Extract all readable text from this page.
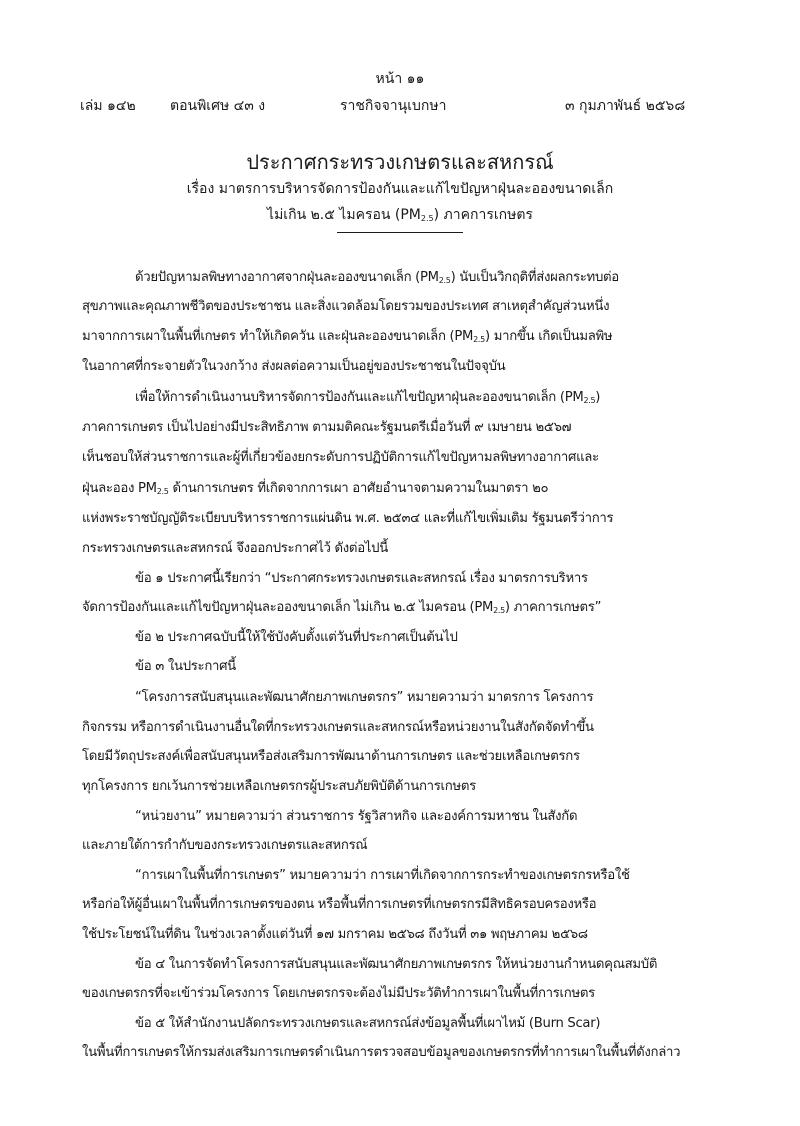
หน้า ๑๑
เล่ม ๑๔๒ ตอนพิเศษ ๔๓ ง	ราชกิจจานุเบกษา	๓ กุมภาพันธ์ ๒๕๖๘
ประกาศกระทรวงเกษตรและสหกรณ์
เรื่อง มาตรการบริหารจัดการป้องกันและแก้ไขปัญหาฝุ่นละอองขนาดเล็ก
ไม่เกิน ๒.๕ ไมครอน $(PM_{2.5})$ ภาคการเกษตร
ด้วยปัญหามลพิษทางอากาศจากฝุ่นละอองขนาดเล็ก $(PM_{2.5})$ นับเป็นวิกฤติที่ส่งผลกระทบต่อ
สุขภาพและคุณภาพชีวิตของประชาชน และสิ่งแวดล้อมโดยรวมของประเทศ สาเหตุสำคัญส่วนหนึ่ง
มาจากการเผาในพื้นที่เกษตร ทำให้เกิดควัน และฝุ่นละอองขนาดเล็ก $(PM_{2.5})$ มากขึ้น เกิดเป็นมลพิษ
ในอากาศที่กระจายตัวในวงกว้าง ส่งผลต่อความเป็นอยู่ของประชาชนในปัจจุบัน
เพื่อให้การดำเนินงานบริหารจัดการป้องกันและแก้ไขปัญหาฝุ่นละอองขนาดเล็ก $(PM_{2.5})$
ภาคการเกษตร เป็นไปอย่างมีประสิทธิภาพ ตามมติคณะรัฐมนตรีเมื่อวันที่ ๙ เมษายน ๒๕๖๗
เห็นชอบให้ส่วนราชการและผู้ที่เกี่ยวข้องยกระดับการปฏิบัติการแก้ไขปัญหามลพิษทางอากาศและ
ฝุ่นละออง $PM_{2.5}$ ด้านการเกษตร ที่เกิดจากการเผา อาศัยอำนาจตามความในมาตรา ๒๐
แห่งพระราชบัญญัติระเบียบบริหารราชการแผ่นดิน พ.ศ. ๒๕๓๔ และที่แก้ไขเพิ่มเติม รัฐมนตรีว่าการ
กระทรวงเกษตรและสหกรณ์ จึงออกประกาศไว้ ดังต่อไปนี้
ข้อ ๑ ประกาศนี้เรียกว่า “ประกาศกระทรวงเกษตรและสหกรณ์ เรื่อง มาตรการบริหาร
จัดการป้องกันและแก้ไขปัญหาฝุ่นละอองขนาดเล็ก ไม่เกิน ๒.๕ ไมครอน $(PM_{2.5})$ ภาคการเกษตร”
ข้อ ๒ ประกาศฉบับนี้ให้ใช้บังคับตั้งแต่วันที่ประกาศเป็นต้นไป
ข้อ ๓ ในประกาศนี้
“โครงการสนับสนุนและพัฒนาศักยภาพเกษตรกร” หมายความว่า มาตรการ โครงการ
กิจกรรม หรือการดำเนินงานอื่นใดที่กระทรวงเกษตรและสหกรณ์หรือหน่วยงานในสังกัดจัดทำขึ้น
โดยมีวัตถุประสงค์เพื่อสนับสนุนหรือส่งเสริมการพัฒนาด้านการเกษตร และช่วยเหลือเกษตรกร
ทุกโครงการ ยกเว้นการช่วยเหลือเกษตรกรผู้ประสบภัยพิบัติด้านการเกษตร
“หน่วยงาน” หมายความว่า ส่วนราชการ รัฐวิสาหกิจ และองค์การมหาชน ในสังกัด
และภายใต้การกำกับของกระทรวงเกษตรและสหกรณ์
“การเผาในพื้นที่การเกษตร” หมายความว่า การเผาที่เกิดจากการกระทำของเกษตรกรหรือใช้
หรือก่อให้ผู้อื่นเผาในพื้นที่การเกษตรของตน หรือพื้นที่การเกษตรที่เกษตรกรมีสิทธิครอบครองหรือ
ใช้ประโยชน์ในที่ดิน ในช่วงเวลาตั้งแต่วันที่ ๑๗ มกราคม ๒๕๖๘ ถึงวันที่ ๓๑ พฤษภาคม ๒๕๖๘
ข้อ ๔ ในการจัดทำโครงการสนับสนุนและพัฒนาศักยภาพเกษตรกร ให้หน่วยงานกำหนดคุณสมบัติ
ของเกษตรกรที่จะเข้าร่วมโครงการ โดยเกษตรกรจะต้องไม่มีประวัติทำการเผาในพื้นที่การเกษตร
ข้อ ๕ ให้สำนักงานปลัดกระทรวงเกษตรและสหกรณ์ส่งข้อมูลพื้นที่เผาไหม้ (Burn Scar)
ในพื้นที่การเกษตรให้กรมส่งเสริมการเกษตรดำเนินการตรวจสอบข้อมูลของเกษตรกรที่ทำการเผาในพื้นที่ดังกล่าว
